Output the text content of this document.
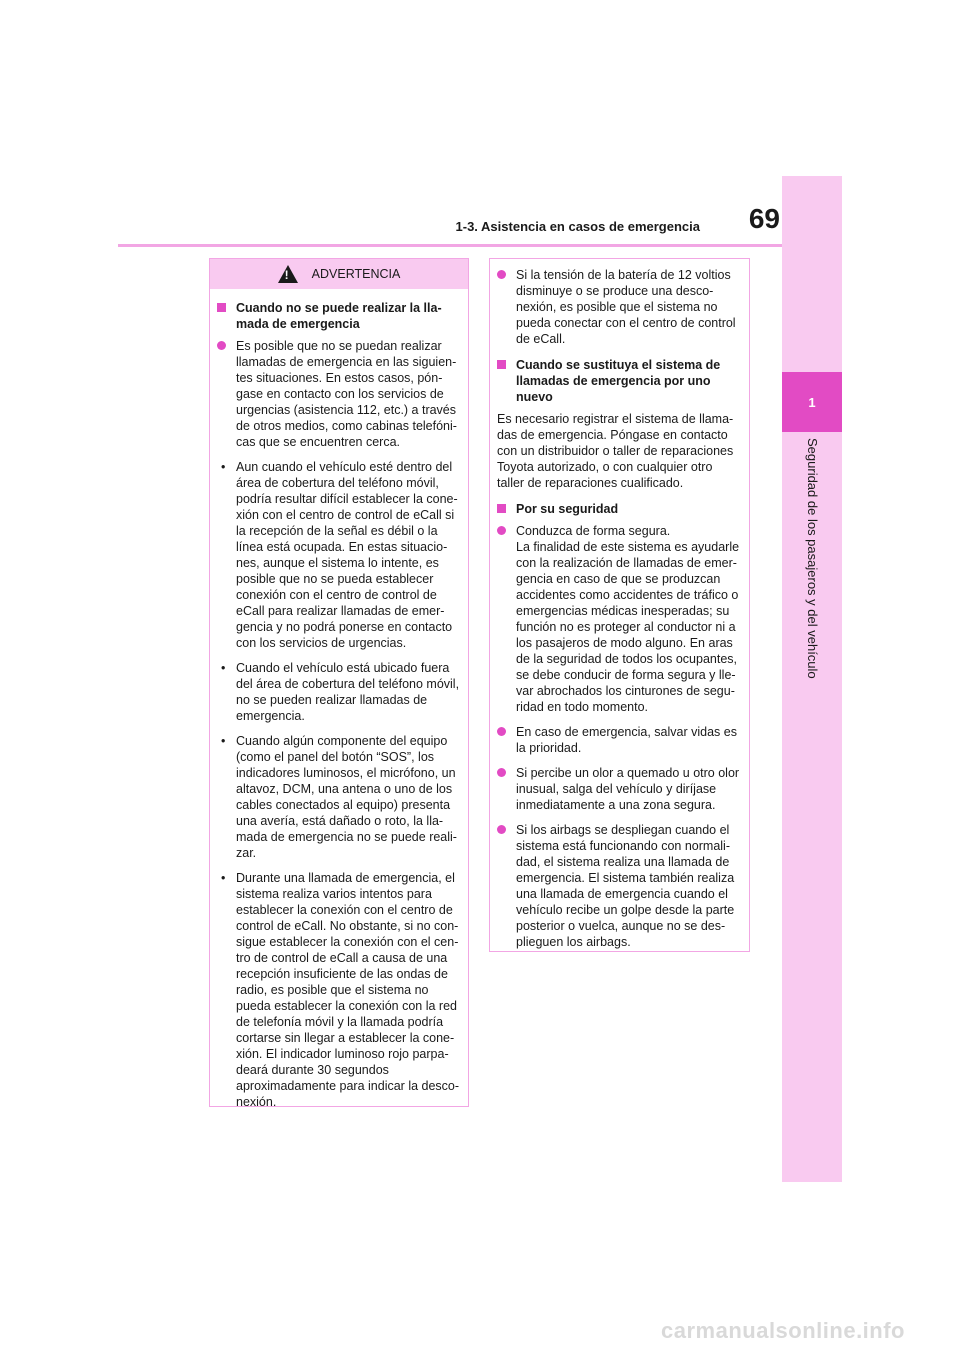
69
1-3. Asistencia en casos de emergencia
1
Seguridad de los pasajeros y del vehículo
!
ADVERTENCIA
Cuando no se puede realizar la lla-
mada de emergencia
Es posible que no se puedan realizar
llamadas de emergencia en las siguien-
tes situaciones. En estos casos, pón-
gase en contacto con los servicios de
urgencias (asistencia 112, etc.) a través
de otros medios, como cabinas telefóni-
cas que se encuentren cerca.
• Aun cuando el vehículo esté dentro del
área de cobertura del teléfono móvil,
podría resultar difícil establecer la cone-
xión con el centro de control de eCall si
la recepción de la señal es débil o la
línea está ocupada. En estas situacio-
nes, aunque el sistema lo intente, es
posible que no se pueda establecer
conexión con el centro de control de
eCall para realizar llamadas de emer-
gencia y no podrá ponerse en contacto
con los servicios de urgencias.
• Cuando el vehículo está ubicado fuera
del área de cobertura del teléfono móvil,
no se pueden realizar llamadas de
emergencia.
• Cuando algún componente del equipo
(como el panel del botón “SOS”, los
indicadores luminosos, el micrófono, un
altavoz, DCM, una antena o uno de los
cables conectados al equipo) presenta
una avería, está dañado o roto, la lla-
mada de emergencia no se puede reali-
zar.
• Durante una llamada de emergencia, el
sistema realiza varios intentos para
establecer la conexión con el centro de
control de eCall. No obstante, si no con-
sigue establecer la conexión con el cen-
tro de control de eCall a causa de una
recepción insuficiente de las ondas de
radio, es posible que el sistema no
pueda establecer la conexión con la red
de telefonía móvil y la llamada podría
cortarse sin llegar a establecer la cone-
xión. El indicador luminoso rojo parpa-
deará durante 30 segundos
aproximadamente para indicar la desco-
nexión.
Si la tensión de la batería de 12 voltios
disminuye o se produce una desco-
nexión, es posible que el sistema no
pueda conectar con el centro de control
de eCall.
Cuando se sustituya el sistema de
llamadas de emergencia por uno
nuevo
Es necesario registrar el sistema de llama-
das de emergencia. Póngase en contacto
con un distribuidor o taller de reparaciones
Toyota autorizado, o con cualquier otro
taller de reparaciones cualificado.
Por su seguridad
Conduzca de forma segura.
La finalidad de este sistema es ayudarle
con la realización de llamadas de emer-
gencia en caso de que se produzcan
accidentes como accidentes de tráfico o
emergencias médicas inesperadas; su
función no es proteger al conductor ni a
los pasajeros de modo alguno. En aras
de la seguridad de todos los ocupantes,
se debe conducir de forma segura y lle-
var abrochados los cinturones de segu-
ridad en todo momento.
En caso de emergencia, salvar vidas es
la prioridad.
Si percibe un olor a quemado u otro olor
inusual, salga del vehículo y diríjase
inmediatamente a una zona segura.
Si los airbags se despliegan cuando el
sistema está funcionando con normali-
dad, el sistema realiza una llamada de
emergencia. El sistema también realiza
una llamada de emergencia cuando el
vehículo recibe un golpe desde la parte
posterior o vuelca, aunque no se des-
plieguen los airbags.
carmanualsonline.info
